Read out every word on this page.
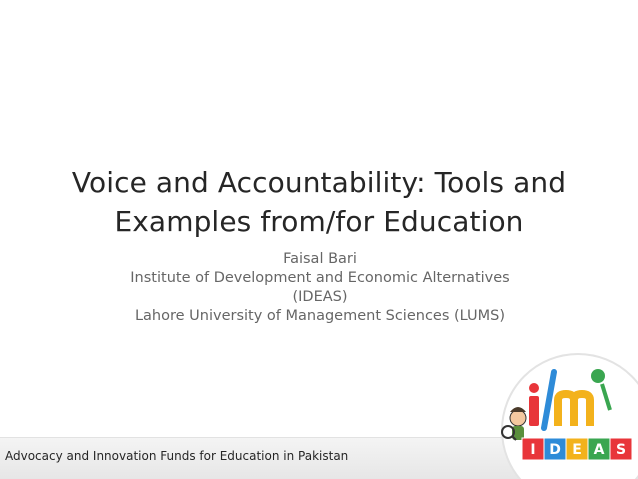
Voice and Accountability: Tools and
Examples from/for Education
Faisal Bari
Institute of Development and Economic Alternatives
(IDEAS)
Lahore University of Management Sciences (LUMS)
Advocacy and Innovation Funds for Education in Pakistan	I D E A S
